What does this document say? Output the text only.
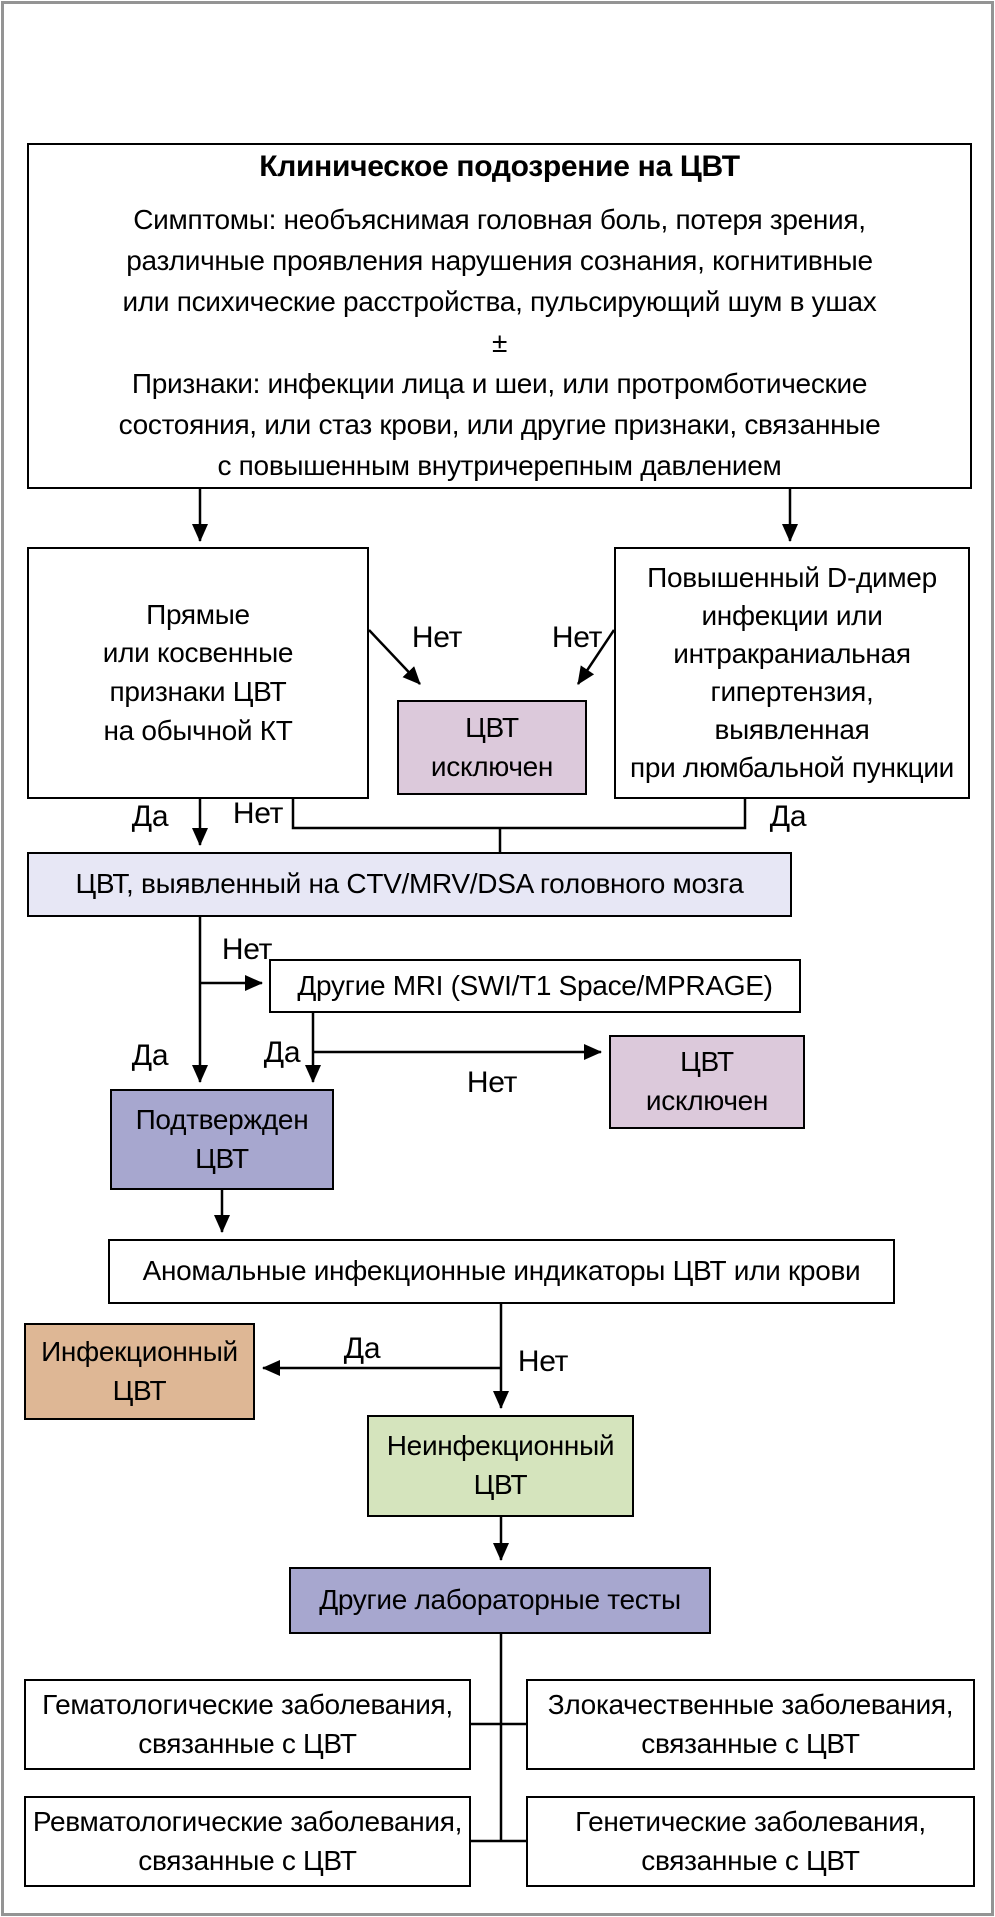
Клиническое подозрение на ЦВТ
Симптомы: необъяснимая головная боль, потеря зрения,
различные проявления нарушения сознания, когнитивные
или психические расстройства, пульсирующий шум в ушах
±
Признаки: инфекции лица и шеи, или протромботические
состояния, или стаз крови, или другие признаки, связанные
с повышенным внутричерепным давлением
Прямые
или косвенные
признаки ЦВТ
на обычной КТ
Повышенный D-димер
инфекции или
интракраниальная
гипертензия,
выявленная
при люмбальной пункции
ЦВТ
исключен
ЦВТ, выявленный на CTV/MRV/DSA головного мозга
Другие MRI (SWI/T1 Space/MPRAGE)
ЦВТ
исключен
Подтвержден
ЦВТ
Аномальные инфекционные индикаторы ЦВТ или крови
Инфекционный
ЦВТ
Неинфекционный
ЦВТ
Другие лабораторные тесты
Гематологические заболевания,
связанные с ЦВТ
Злокачественные заболевания,
связанные с ЦВТ
Ревматологические заболевания,
связанные с ЦВТ
Генетические заболевания,
связанные с ЦВТ
Да Нет	Да
Нет	Нет
Да
Нет
Да
Нет
Да	Нет
